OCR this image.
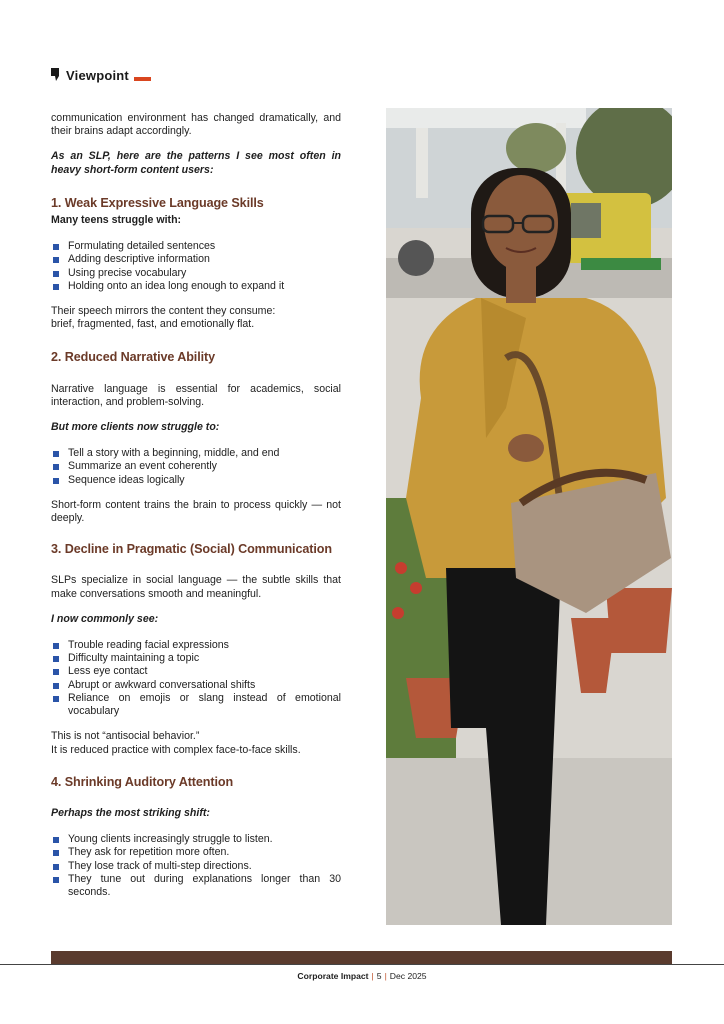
Viewpoint

communication environment has changed dramatically, and their brains adapt accordingly.

As an SLP, here are the patterns I see most often in heavy short-form content users:

1. Weak Expressive Language Skills

Many teens struggle with:

Formulating detailed sentences
Adding descriptive information
Using precise vocabulary
Holding onto an idea long enough to expand it

Their speech mirrors the content they consume:
brief, fragmented, fast, and emotionally flat.

2. Reduced Narrative Ability

Narrative language is essential for academics, social interaction, and problem-solving.

But more clients now struggle to:

Tell a story with a beginning, middle, and end
Summarize an event coherently
Sequence ideas logically

Short-form content trains the brain to process quickly — not deeply.

3. Decline in Pragmatic (Social) Communication

SLPs specialize in social language — the subtle skills that make conversations smooth and meaningful.

I now commonly see:

Trouble reading facial expressions
Difficulty maintaining a topic
Less eye contact
Abrupt or awkward conversational shifts
Reliance on emojis or slang instead of emotional vocabulary

This is not “antisocial behavior.”
It is reduced practice with complex face-to-face skills.

4. Shrinking Auditory Attention

Perhaps the most striking shift:

Young clients increasingly struggle to listen.
They ask for repetition more often.
They lose track of multi-step directions.
They tune out during explanations longer than 30 seconds.
Corporate Impact | 5 | Dec 2025
